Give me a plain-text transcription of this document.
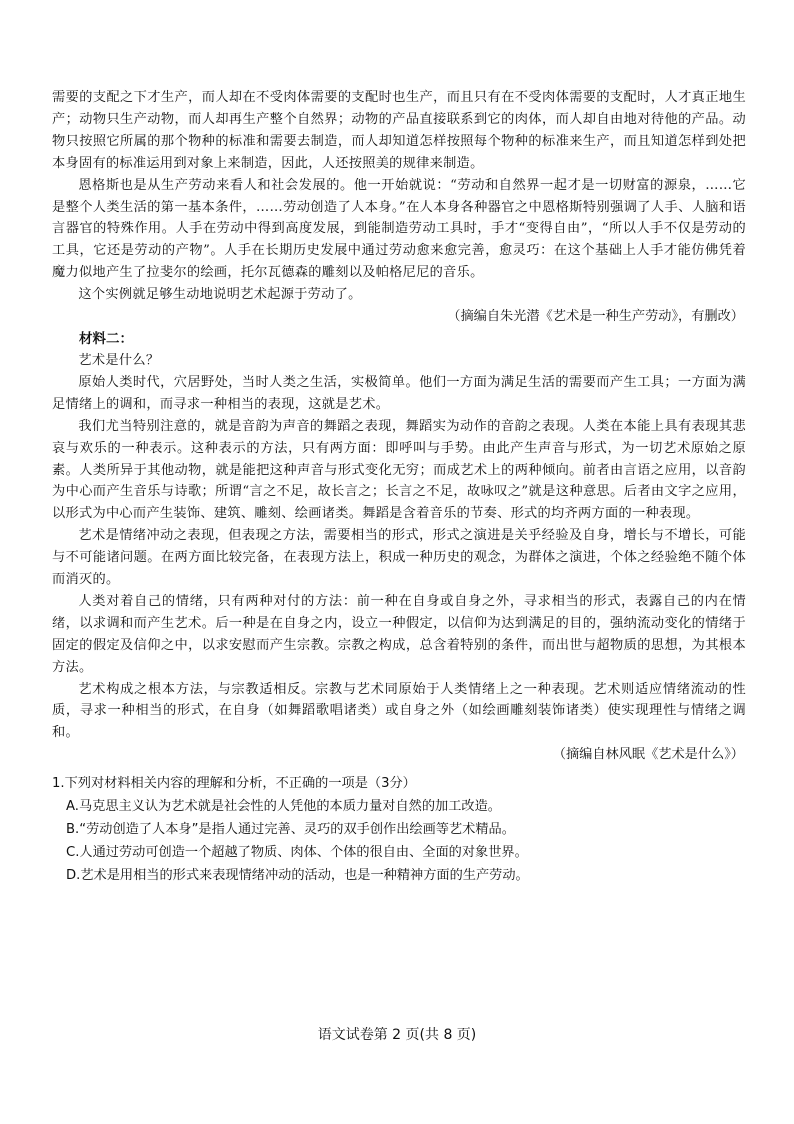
需要的支配之下才生产，而人却在不受肉体需要的支配时也生产，而且只有在不受肉体需要的支配时，人才真正地生产；动物只生产动物，而人却再生产整个自然界；动物的产品直接联系到它的肉体，而人却自由地对待他的产品。动物只按照它所属的那个物种的标准和需要去制造，而人却知道怎样按照每个物种的标准来生产，而且知道怎样到处把本身固有的标准运用到对象上来制造，因此，人还按照美的规律来制造。

恩格斯也是从生产劳动来看人和社会发展的。他一开始就说：“劳动和自然界一起才是一切财富的源泉，……它是整个人类生活的第一基本条件，……劳动创造了人本身。”在人本身各种器官之中恩格斯特别强调了人手、人脑和语言器官的特殊作用。人手在劳动中得到高度发展，到能制造劳动工具时，手才“变得自由”，“所以人手不仅是劳动的工具，它还是劳动的产物”。人手在长期历史发展中通过劳动愈来愈完善，愈灵巧：在这个基础上人手才能仿佛凭着魔力似地产生了拉斐尔的绘画，托尔瓦德森的雕刻以及帕格尼尼的音乐。

这个实例就足够生动地说明艺术起源于劳动了。

（摘编自朱光潜《艺术是一种生产劳动》，有删改）

材料二：

艺术是什么？

原始人类时代，穴居野处，当时人类之生活，实极简单。他们一方面为满足生活的需要而产生工具；一方面为满足情绪上的调和，而寻求一种相当的表现，这就是艺术。

我们尤当特别注意的，就是音韵为声音的舞蹈之表现，舞蹈实为动作的音韵之表现。人类在本能上具有表现其悲哀与欢乐的一种表示。这种表示的方法，只有两方面：即呼叫与手势。由此产生声音与形式，为一切艺术原始之原素。人类所异于其他动物，就是能把这种声音与形式变化无穷；而成艺术上的两种倾向。前者由言语之应用，以音韵为中心而产生音乐与诗歌；所谓“言之不足，故长言之；长言之不足，故咏叹之”就是这种意思。后者由文字之应用，以形式为中心而产生装饰、建筑、雕刻、绘画诸类。舞蹈是含着音乐的节奏、形式的均齐两方面的一种表现。

艺术是情绪冲动之表现，但表现之方法，需要相当的形式，形式之演进是关乎经验及自身，增长与不增长，可能与不可能诸问题。在两方面比较完备，在表现方法上，积成一种历史的观念，为群体之演进，个体之经验绝不随个体而消灭的。

人类对着自己的情绪，只有两种对付的方法：前一种在自身或自身之外，寻求相当的形式，表露自己的内在情绪，以求调和而产生艺术。后一种是在自身之内，设立一种假定，以信仰为达到满足的目的，强纳流动变化的情绪于固定的假定及信仰之中，以求安慰而产生宗教。宗教之构成，总含着特别的条件，而出世与超物质的思想，为其根本方法。

艺术构成之根本方法，与宗教适相反。宗教与艺术同原始于人类情绪上之一种表现。艺术则适应情绪流动的性质，寻求一种相当的形式，在自身（如舞蹈歌唱诸类）或自身之外（如绘画雕刻装饰诸类）使实现理性与情绪之调和。

（摘编自林风眠《艺术是什么》）

1.下列对材料相关内容的理解和分析，不正确的一项是（3分）

A.马克思主义认为艺术就是社会性的人凭他的本质力量对自然的加工改造。

B.“劳动创造了人本身”是指人通过完善、灵巧的双手创作出绘画等艺术精品。

C.人通过劳动可创造一个超越了物质、肉体、个体的很自由、全面的对象世界。

D.艺术是用相当的形式来表现情绪冲动的活动，也是一种精神方面的生产劳动。

语文试卷第 2 页(共 8 页)
